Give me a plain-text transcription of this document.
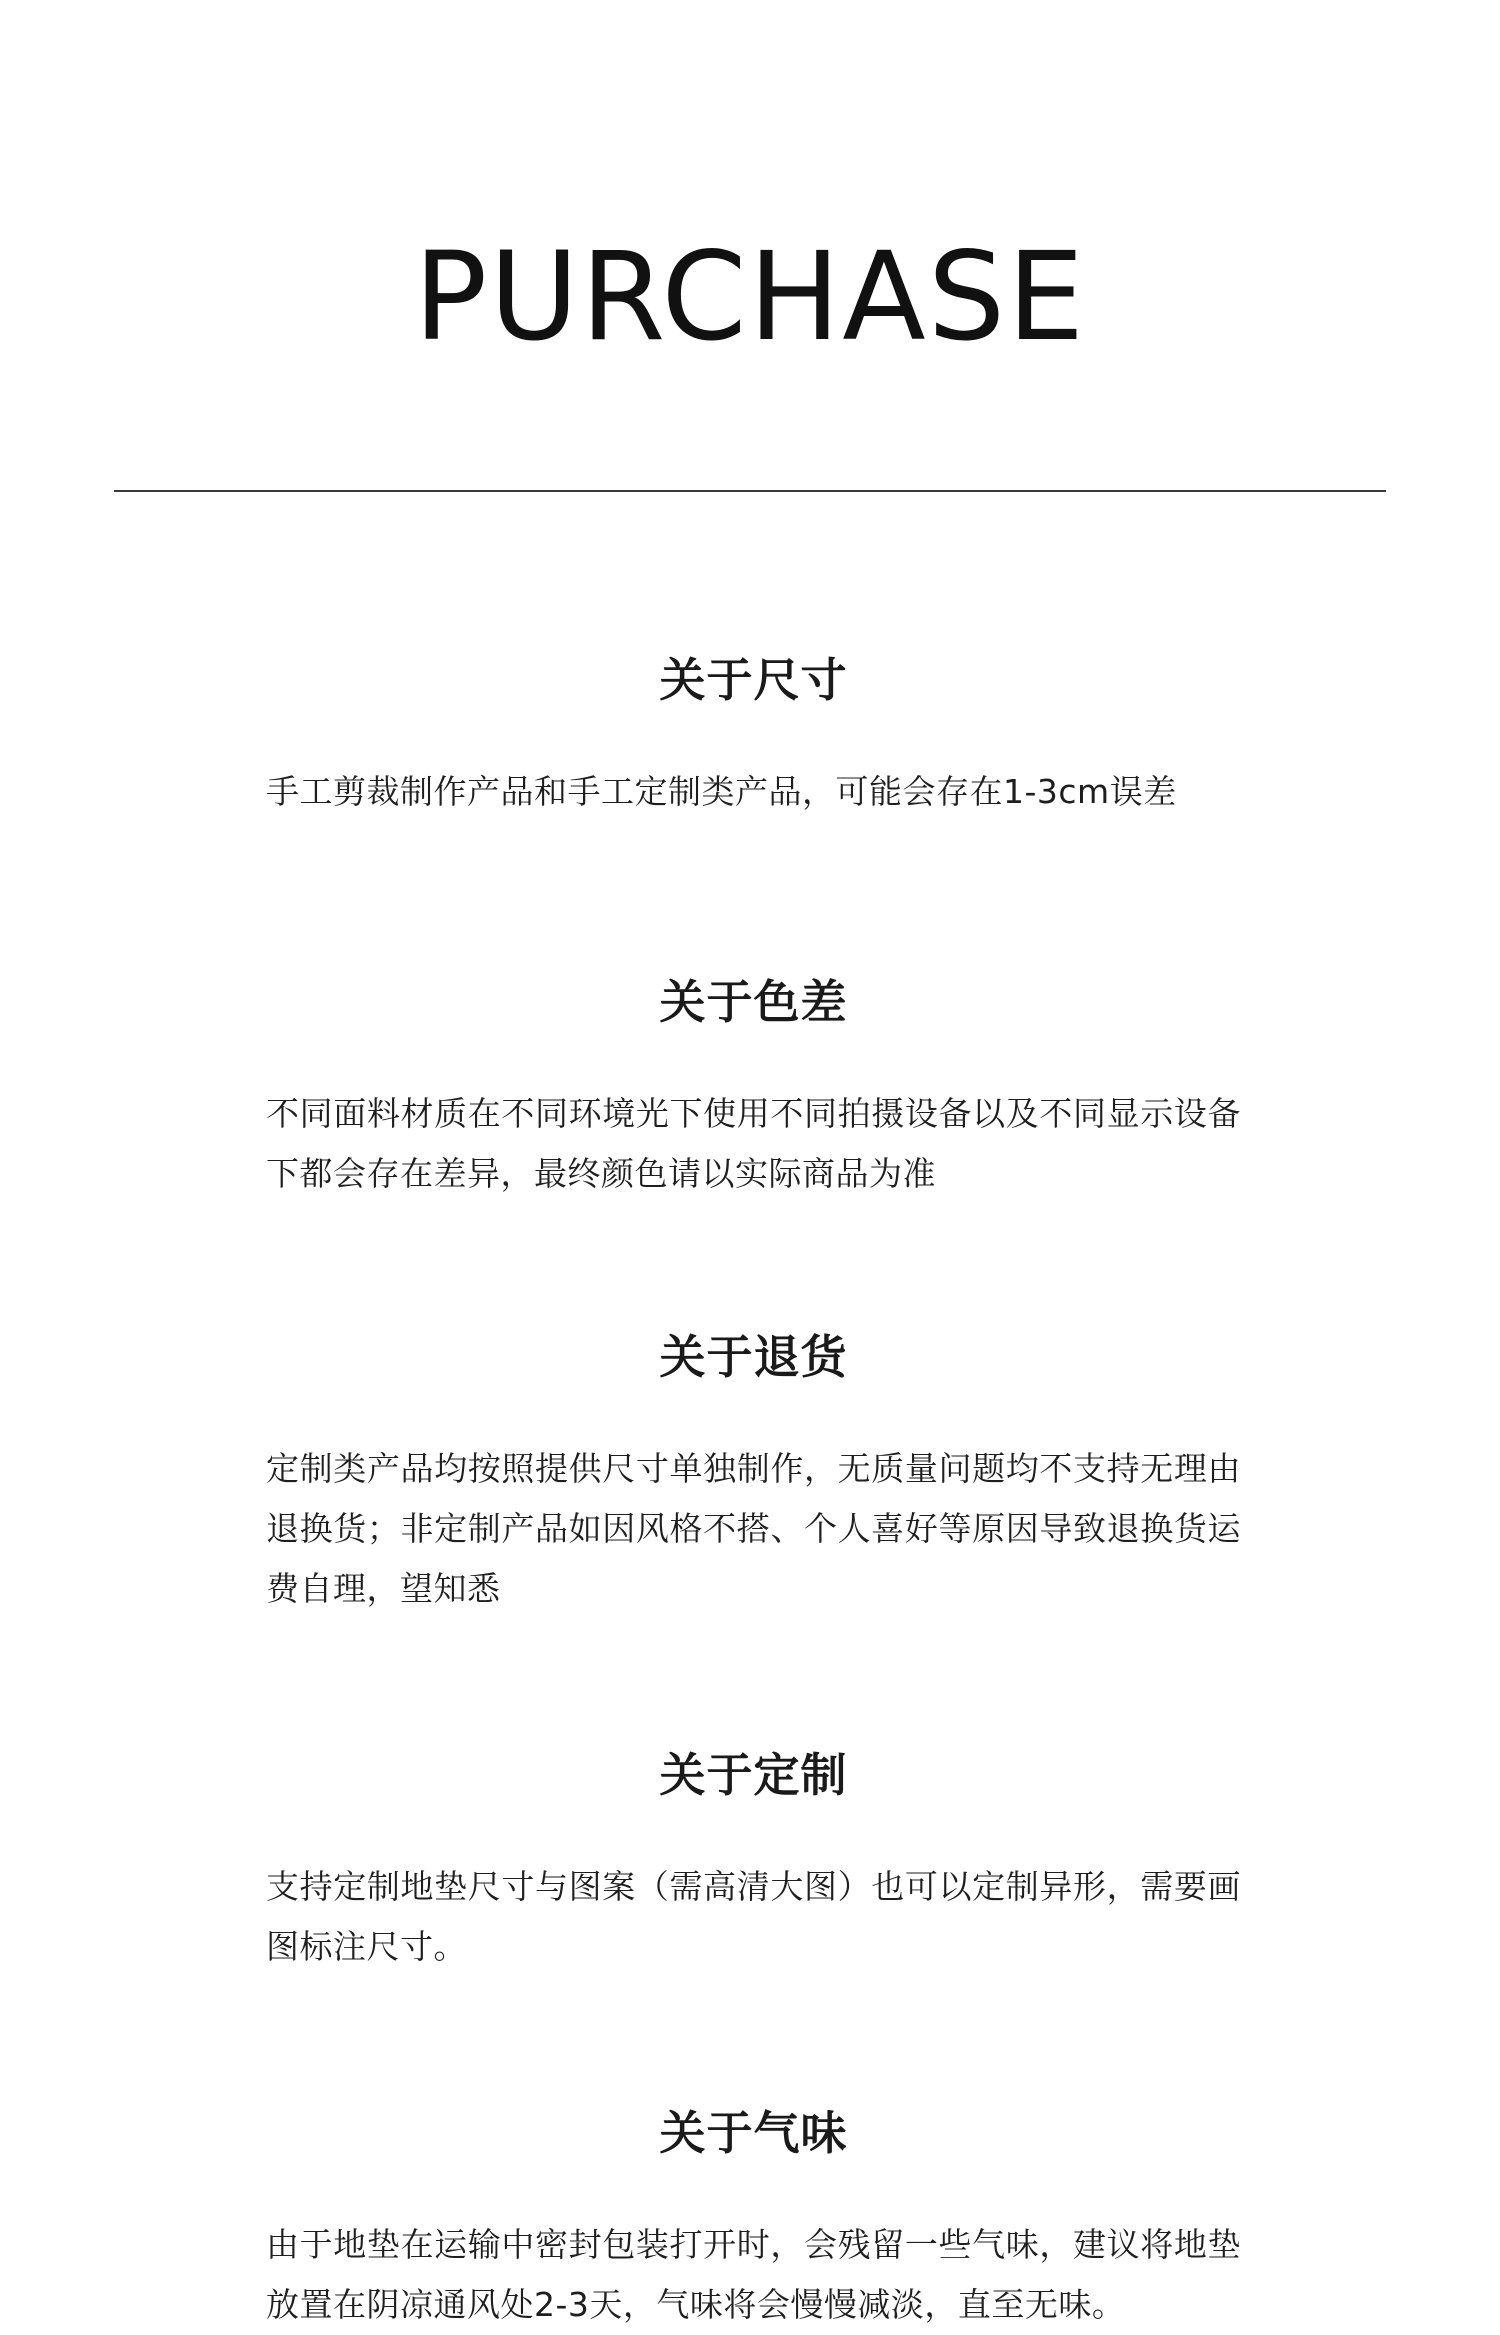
PURCHASE
关于尺寸

手工剪裁制作产品和手工定制类产品，可能会存在1-3cm误差

关于色差

不同面料材质在不同环境光下使用不同拍摄设备以及不同显示设备下都会存在差异，最终颜色请以实际商品为准

关于退货

定制类产品均按照提供尺寸单独制作，无质量问题均不支持无理由退换货；非定制产品如因风格不搭、个人喜好等原因导致退换货运费自理，望知悉

关于定制

支持定制地垫尺寸与图案（需高清大图）也可以定制异形，需要画图标注尺寸。

关于气味

由于地垫在运输中密封包装打开时，会残留一些气味，建议将地垫放置在阴凉通风处2-3天，气味将会慢慢减淡，直至无味。
